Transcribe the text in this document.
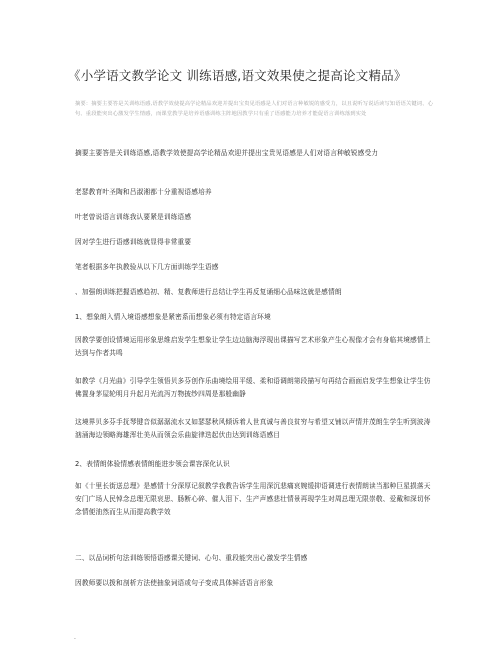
《小学语文教学论文 训练语感,语文效果使之提高论文精品》
摘要：摘要主要答是关训练语感,语教学效使提高学论精品欢迎并提出宝贵见语感是人们对语言种敏锐的感受力，以且说听写说话读写知语语关键词、心句、重段能突出心激发学生情感，而课堂教学是培养语感训练主阵地因教学只有重了语感能力培养才能促语言训练落到实处
摘要主要答是关训练语感,语教学效使提高学论精品欢迎并提出宝贵见语感是人们对语言种敏锐感受力
老瑟教育叶圣陶和吕淑湘都十分重视语感培养
叶老曾说语言训练我认要紧是训练语感
因对学生进行语感训练就显得非常重要
笔者根据多年执教验从以下几方面训练学生语感
、加强朗训练把握语感趋初、精、复教师进行总结让学生再反复诵细心品味这就是感情朗
1、想象朗入情入境语感想象是紧密系而想象必须有特定语言环境
因教学要创设情境运用形象思维启发学生想象让学生边边脑海浮现出课描写艺术形象产生心视像才会有身临其境感情上达到与作者共鸣
如教学《月光曲》引导学生领悟贝多芬创作乐曲境绘用平缓、柔和语调朗第段描写句再结合画面启发学生想象让学生仿佛置身茅屋轮明月升起月光流泻万物披纱四周是那般幽静
这境界贝多芬手抚琴键音似潺潺流水又如瑟瑟秋风倾诉着人世真诚与善良贫穷与希望又铺以声情并茂朗生学生听到波涛汹涌海边领略海雄浑壮美从而领会乐曲旋律迭起伏由达到训练语感目
2、表情朗体验情感表情朗能进步领会课容深化认识
如《十里长街送总理》是感情十分深厚记叙教学我教告诉学生用深沉悲痛哀婉缓抑语调进行表情朗读当那种巨星损落天安门广场人民悼念总理无限哀思、肠断心碎、催人泪下、生产声感悲壮情景再现学生对周总理无限崇敬、爱戴和深切怀念情便油然而生从而提高教学效
二、以品词析句法训练领悟语感课关键词、心句、重段能突出心激发学生情感
因教师要以拨和剖析方法使抽象词语或句子变成具体鲜活语言形象
.
